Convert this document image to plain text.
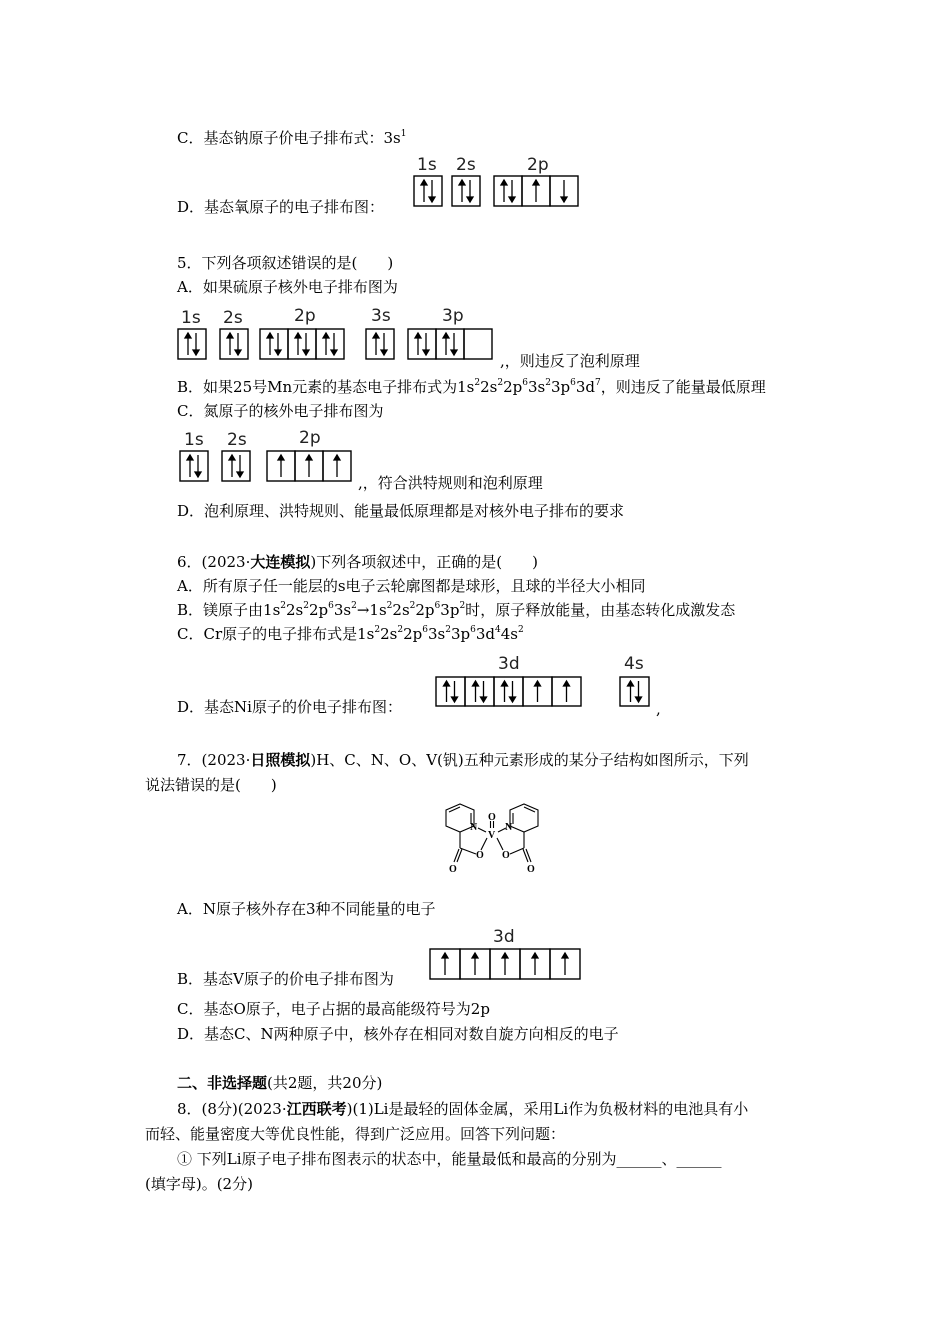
C．基态钠原子价电子排布式：$3s^1$
D．基态氧原子的电子排布图：
1s 2s	2p
5．下列各项叙述错误的是(　　)
A．如果硫原子核外电子排布图为
1s 2s	2p	3s	3p
,，则违反了泡利原理
B．如果25号Mn元素的基态电子排布式为$1s^22s^22p^63s^23p^63d^7$，则违反了能量最低原理
C．氮原子的核外电子排布图为
1s 2s	2p
,，符合洪特规则和泡利原理
D．泡利原理、洪特规则、能量最低原理都是对核外电子排布的要求
6．(2023·大连模拟)下列各项叙述中，正确的是(　　)
A．所有原子任一能层的s电子云轮廓图都是球形，且球的半径大小相同
B．镁原子由$1s^22s^22p^63s^2\to 1s^22s^22p^63p^2$时，原子释放能量，由基态转化成激发态
C．Cr原子的电子排布式是$1s^22s^22p^63s^23p^63d^44s^2$
D．基态Ni原子的价电子排布图：
3d	4s
,
7．(2023·日照模拟)H、C、N、O、V(钒)五种元素形成的某分子结构如图所示，下列
说法错误的是(　　)
N
V
N
O
O O
O	O
A．N原子核外存在3种不同能量的电子
B．基态V原子的价电子排布图为
3d
C．基态O原子，电子占据的最高能级符号为2p
D．基态C、N两种原子中，核外存在相同对数自旋方向相反的电子
二、非选择题(共2题，共20分)
8．(8分)(2023·江西联考)(1)Li是最轻的固体金属，采用Li作为负极材料的电池具有小
而轻、能量密度大等优良性能，得到广泛应用。回答下列问题：
① 下列Li原子电子排布图表示的状态中，能量最低和最高的分别为______、______
(填字母)。(2分)
